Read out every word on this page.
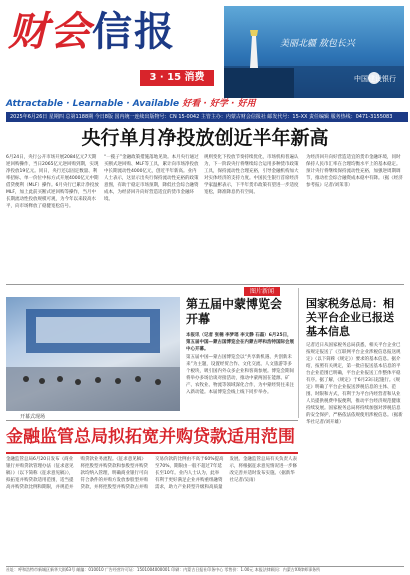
财会信报
3 · 15 消费
Attractable · Learnable · Available 好看 · 好学 · 好用
美丽北疆 敖包长兴
中国建设银行
2025年6月26日 星期四 总第1188期 今日8版 国内统一连续出版物号：CN 15-0042 主管主办：内蒙古财会信报社 邮发代号：15-XX 责任编辑 服务热线：0471-3155083
央行单月净投放创近半年新高
6月24日，央行公开市场开展2084亿元7天期逆回购操作，当日2065亿元逆回购到期，实现净投放19亿元。同日，央行还以固定数量、利率招标、单一价位中标方式开展4000亿元中期借贷便利（MLF）操作。6月央行已累计净投放MLF，加上此前买断式逆回购等操作，当月中长期流动性投放规模可观，为今年以来较高水平，向市场释放了稳健宽松信号。
“一揽子”金融政策措施落地见效。本月央行通过买断式逆回购、MLF等工具，累计向市场净投放中长期流动性4000亿元，创近半年新高。业内人士表示，这显示出央行保持流动性充裕的政策意图，有助于稳定市场预期，降低社会综合融资成本，为经济回升向好营造适宜的货币金融环境。
规则变化下投放节奏持续优化，市场机构普遍认为，下一阶段央行将继续综合运用多种货币政策工具，保持流动性合理充裕，引导金融机构加大对实体经济的支持力度。中国民生银行首席经济学家温彬表示，下半年货币政策有望进一步适度宽松，降准降息仍有空间。
为经济回升向好营造适宜的货币金融环境，同时保持人民币汇率在合理均衡水平上的基本稳定。预计央行将继续保持流动性充裕，加强逆周期调节，推动社会综合融资成本稳中有降。（据《经济参考报》记者/刘茉菲）
图片新闻
开幕式现场
第五届中蒙博览会开幕
本报讯（记者 张楠 李梦瑶 李文静 石磊）6月25日，第五届中国—蒙古国博览会在内蒙古呼和浩特国际会展中心开幕。
第五届中国—蒙古国博览会以“共享新机遇、共创新未来”为主题，设置经贸合作、文化交流、人文旅游等多个板块，吸引国内外众多企业和客商参展。博览会期间将举办多场洽谈对接活动，推动中蒙两国在能源、矿产、农牧业、物流等领域深化合作，为中蒙经贸往来注入新动能。本届博览会线上线下同步举办。
国家税务总局：相关平台企业已报送基本信息
记者近日从国家税务总局获悉，相关平台企业已按规定报送了《互联网平台企业涉税信息报送规定》（以下简称《规定》）要求的基本信息。据介绍，按照有关规定，第一批应报送基本信息的平台企业范围已明确，平台企业报送工作整体平稳有序。据了解，《规定》于6月23日起施行。《规定》明确了平台企业报送涉税信息的主体、范围、时限和方式，有利于为平台内经营者和从业人员提供税费申报便利，推动平台经济规范健康持续发展。国家税务总局将持续加强对涉税信息的安全保护，严格依法依规使用涉税信息。（据新华社记者/刘开雄）
金融监管总局拟拓宽并购贷款适用范围
金融监管总局6月20日发布《商业银行并购贷款管理办法（征求意见稿）》（以下简称《征求意见稿》），拟拓宽并购贷款适用范围，适当提高并购贷款比例和期限，并规范并购贷款业务流程。《征求意见稿》将控股型并购贷款和参股型并购贷款均纳入管理，明确商业银行可向符合条件的并购方发放参股型并购贷款，并将控股型并购贷款占并购交易价款的比例由不高于60%提高至70%，期限由一般不超过7年延长至10年。业内人士认为，此举有利于更好满足企业并购重组融资需求，助力产业转型升级和高质量发展。金融监管总局有关负责人表示，将根据征求意见情况进一步修改完善并适时发布实施。（据新华社记者/吴雨）
社址：呼和浩特市新城区新华大街63号 邮编：010010 广告经营许可证：1501004000001 印刷：内蒙古日报社印务中心 零售价：1.00元 本报法律顾问：内蒙古XX律师事务所
